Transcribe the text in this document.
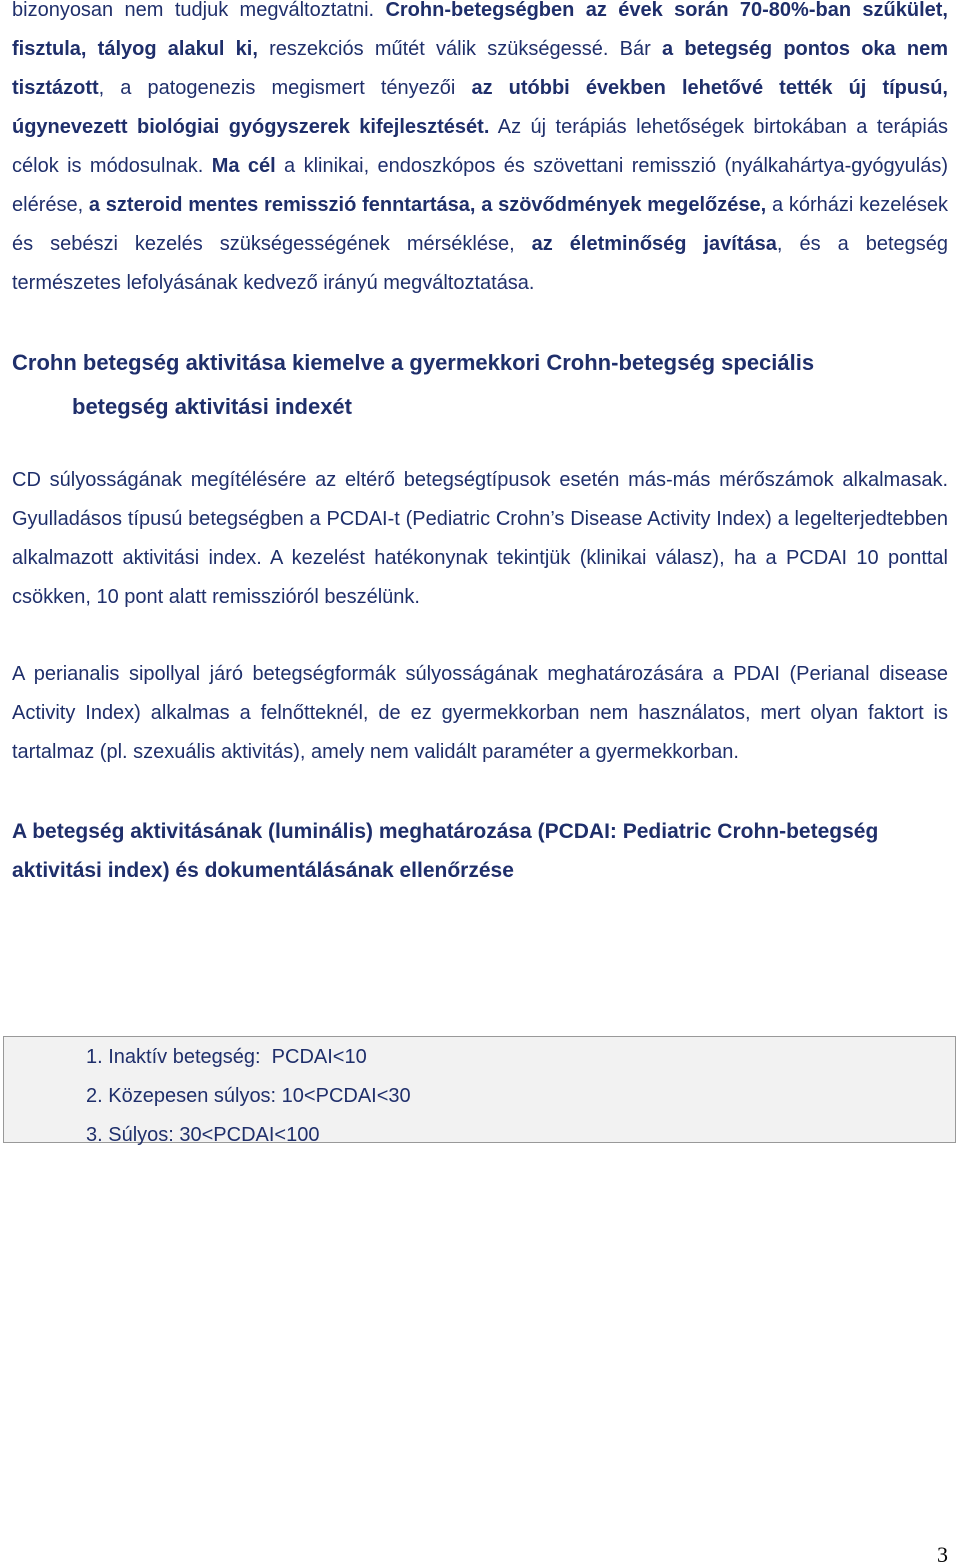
bizonyosan nem tudjuk megváltoztatni. Crohn-betegségben az évek során 70-80%-ban szűkület, fisztula, tályog alakul ki, reszekciós műtét válik szükségessé. Bár a betegség pontos oka nem tisztázott, a patogenezis megismert tényezői az utóbbi években lehetővé tették új típusú, úgynevezett biológiai gyógyszerek kifejlesztését. Az új terápiás lehetőségek birtokában a terápiás célok is módosulnak. Ma cél a klinikai, endoszkópos és szövettani remisszió (nyálkahártya-gyógyulás) elérése, a szteroid mentes remisszió fenntartása, a szövődmények megelőzése, a kórházi kezelések és sebészi kezelés szükségességének mérséklése, az életminőség javítása, és a betegség természetes lefolyásának kedvező irányú megváltoztatása.

Crohn betegség aktivitása kiemelve a gyermekkori Crohn-betegség speciális
betegség aktivitási indexét

CD súlyosságának megítélésére az eltérő betegségtípusok esetén más-más mérőszámok alkalmasak. Gyulladásos típusú betegségben a PCDAI-t (Pediatric Crohn’s Disease Activity Index) a legelterjedtebben alkalmazott aktivitási index. A kezelést hatékonynak tekintjük (klinikai válasz), ha a PCDAI 10 ponttal csökken, 10 pont alatt remisszióról beszélünk.

A perianalis sipollyal járó betegségformák súlyosságának meghatározására a PDAI (Perianal disease Activity Index) alkalmas a felnőtteknél, de ez gyermekkorban nem használatos, mert olyan faktort is tartalmaz (pl. szexuális aktivitás), amely nem validált paraméter a gyermekkorban.

A betegség aktivitásának (luminális) meghatározása (PCDAI: Pediatric Crohn-betegség aktivitási index) és dokumentálásának ellenőrzése
1. Inaktív betegség:  PCDAI<10
2. Közepesen súlyos: 10<PCDAI<30
3. Súlyos: 30<PCDAI<100
3
